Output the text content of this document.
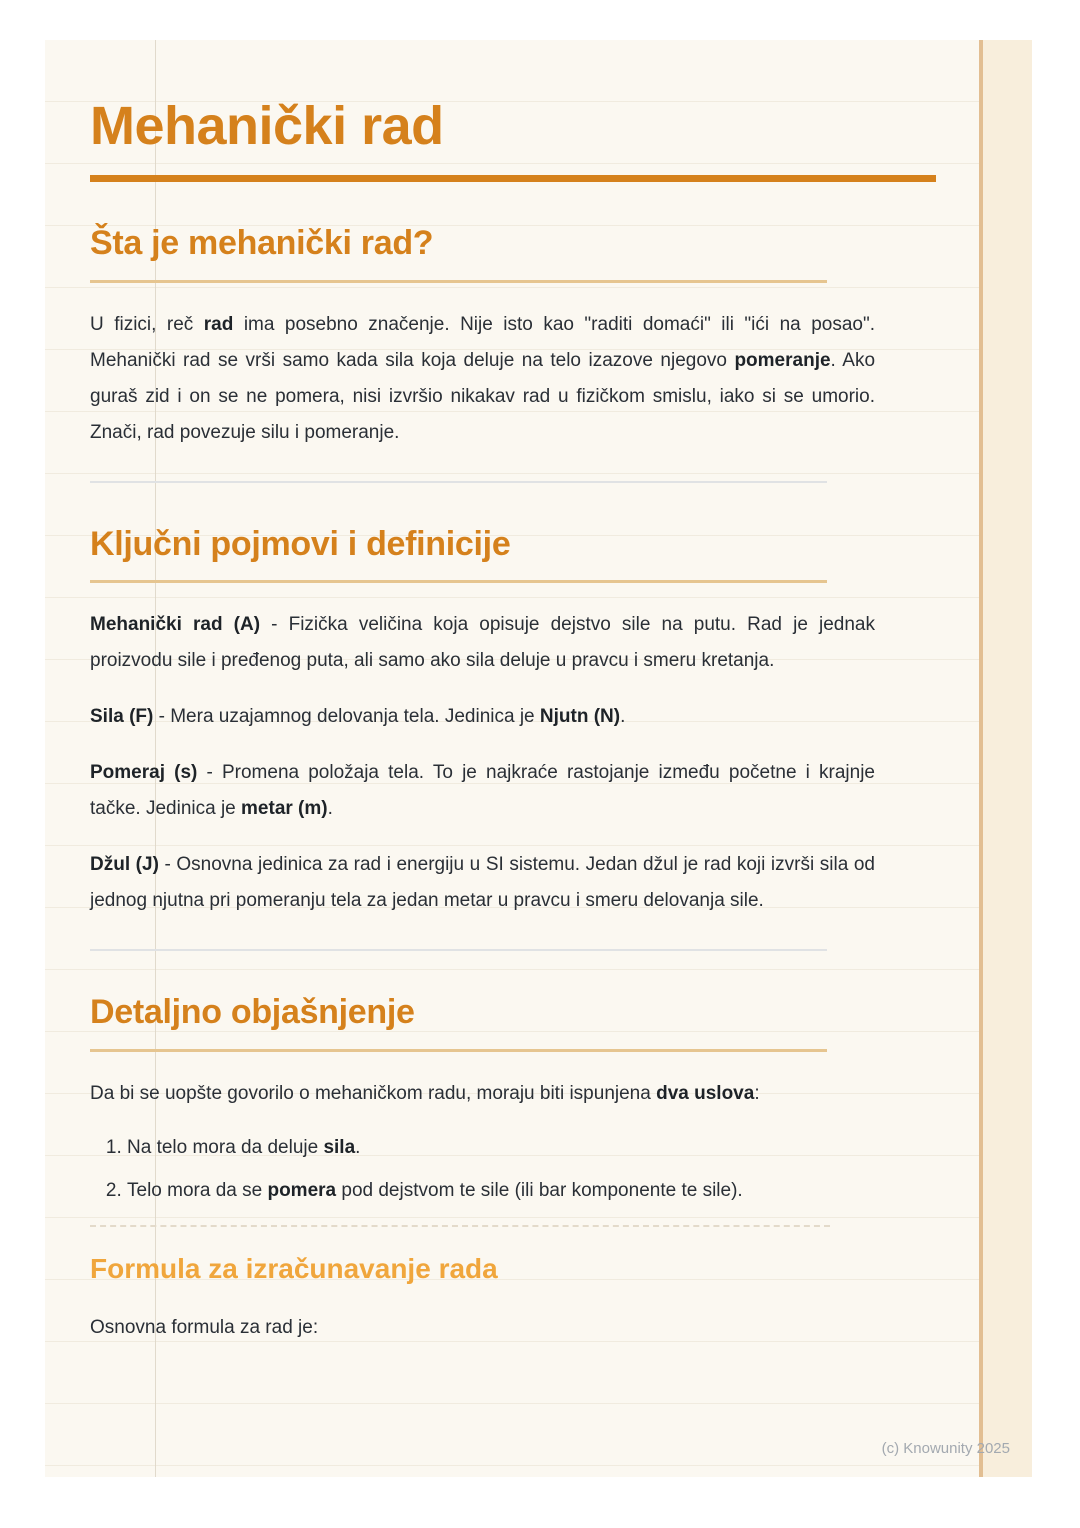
Mehanički rad
Šta je mehanički rad?

U fizici, reč rad ima posebno značenje. Nije isto kao "raditi domaći" ili "ići na posao". Mehanički rad se vrši samo kada sila koja deluje na telo izazove njegovo pomeranje. Ako guraš zid i on se ne pomera, nisi izvršio nikakav rad u fizičkom smislu, iako si se umorio. Znači, rad povezuje silu i pomeranje.

Ključni pojmovi i definicije

Mehanički rad (A) - Fizička veličina koja opisuje dejstvo sile na putu. Rad je jednak proizvodu sile i pređenog puta, ali samo ako sila deluje u pravcu i smeru kretanja.

Sila (F) - Mera uzajamnog delovanja tela. Jedinica je Njutn (N).

Pomeraj (s) - Promena položaja tela. To je najkraće rastojanje između početne i krajnje tačke. Jedinica je metar (m).

Džul (J) - Osnovna jedinica za rad i energiju u SI sistemu. Jedan džul je rad koji izvrši sila od jednog njutna pri pomeranju tela za jedan metar u pravcu i smeru delovanja sile.

Detaljno objašnjenje

Da bi se uopšte govorilo o mehaničkom radu, moraju biti ispunjena dva uslova:

1. Na telo mora da deluje sila.
2. Telo mora da se pomera pod dejstvom te sile (ili bar komponente te sile).
Formula za izračunavanje rada

Osnovna formula za rad je:

(c) Knowunity 2025
